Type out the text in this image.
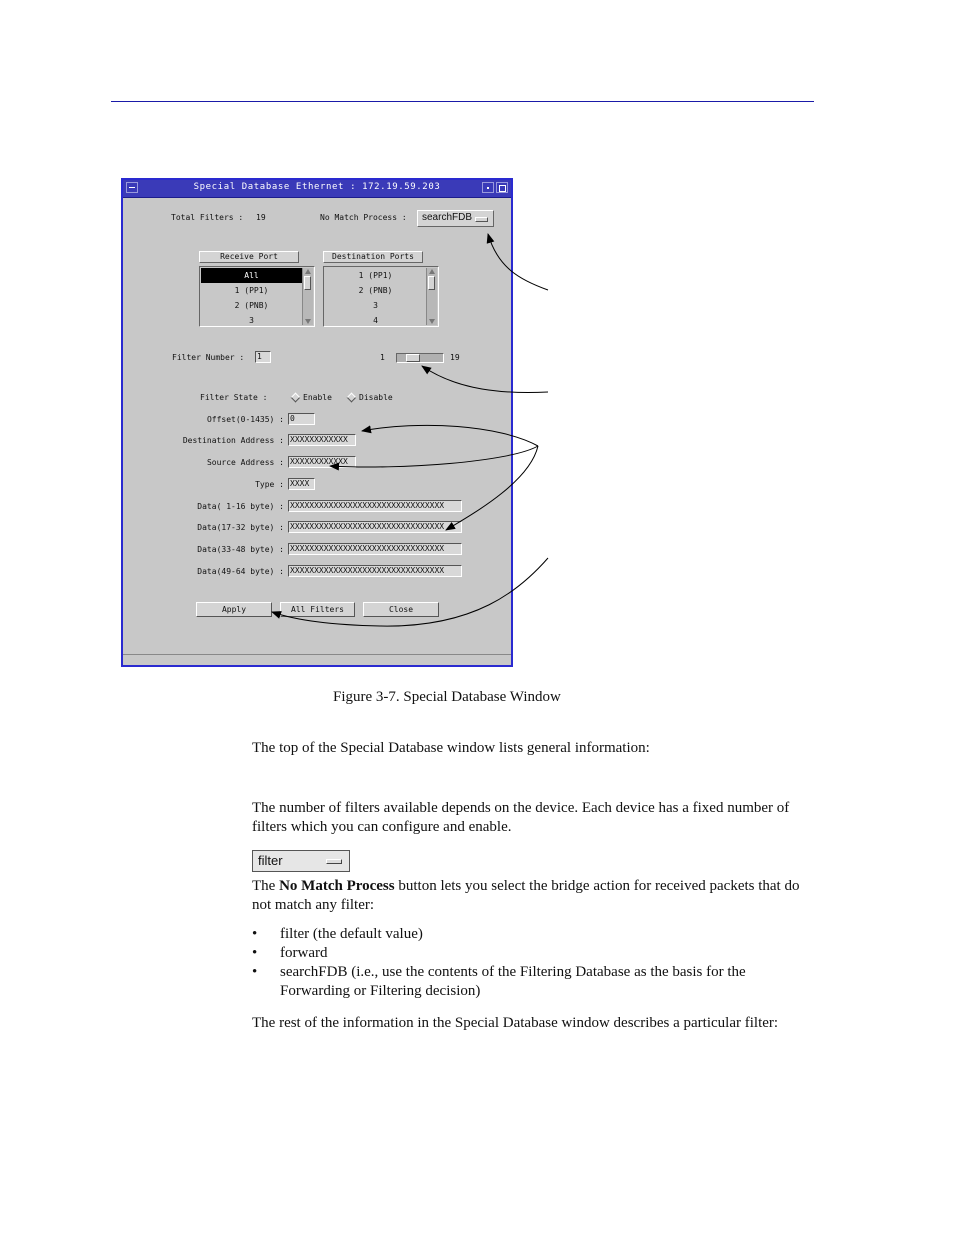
Special Database Ethernet : 172.19.59.203
Total Filters : 19	No Match Process : searchFDB
Receive Port
All
1 (PP1)
2 (PNB)
3
Destination Ports
1 (PP1)
2 (PNB)
3
4
Filter Number : 1	1	19
Filter State :	Enable	Disable
Offset(0-1435) : 0
Destination Address : XXXXXXXXXXXX
Source Address : XXXXXXXXXXXX
Type : XXXX
Data( 1-16 byte) : XXXXXXXXXXXXXXXXXXXXXXXXXXXXXXXX
Data(17-32 byte) : XXXXXXXXXXXXXXXXXXXXXXXXXXXXXXXX
Data(33-48 byte) : XXXXXXXXXXXXXXXXXXXXXXXXXXXXXXXX
Data(49-64 byte) : XXXXXXXXXXXXXXXXXXXXXXXXXXXXXXXX
Apply	All Filters	Close
Figure 3-7. Special Database Window
The top of the Special Database window lists general information:
The number of filters available depends on the device. Each device has a fixed number of filters which you can configure and enable.
filter
The No Match Process button lets you select the bridge action for received packets that do not match any filter:
• filter (the default value)
• forward
• searchFDB (i.e., use the contents of the Filtering Database as the basis for the Forwarding or Filtering decision)
The rest of the information in the Special Database window describes a particular filter:
